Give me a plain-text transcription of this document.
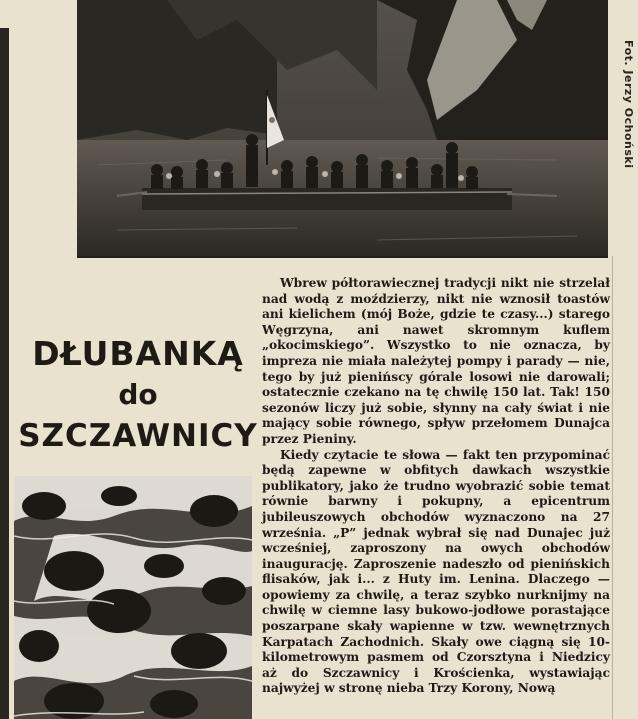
Fot. Jerzy Ochoński
DŁUBANKĄ
do
SZCZAWNICY

Wbrew półtorawiecznej tradycji nikt nie strzelał nad wodą z moździerzy, nikt nie wznosił toastów ani kielichem (mój Boże, gdzie te czasy...) starego Węgrzyna, ani nawet skromnym kuflem „okocimskiego”. Wszystko to nie oznacza, by impreza nie miała należytej pompy i parady — nie, tego by już pienińscy górale losowi nie darowali; ostatecznie czekano na tę chwilę 150 lat. Tak! 150 sezonów liczy już sobie, słynny na cały świat i nie mający sobie równego, spływ przełomem Dunajca przez Pieniny.

Kiedy czytacie te słowa — fakt ten przypominać będą zapewne w obfitych dawkach wszystkie publikatory, jako że trudno wyobrazić sobie temat równie barwny i pokupny, a epicentrum jubileuszowych obchodów wyznaczono na 27 września. „P” jednak wybrał się nad Dunajec już wcześniej, zaproszony na owych obchodów inaugurację. Zaproszenie nadeszło od pienińskich flisaków, jak i... z Huty im. Lenina. Dlaczego — opowiemy za chwilę, a teraz szybko nurknijmy na chwilę w ciemne lasy bukowo-jodłowe porastające poszarpane skały wapienne w tzw. wewnętrznych Karpatach Zachodnich. Skały owe ciągną się 10-kilometrowym pasmem od Czorsztyna i Niedzicy aż do Szczawnicy i Krościenka, wystawiając najwyżej w stronę nieba Trzy Korony, Nową
